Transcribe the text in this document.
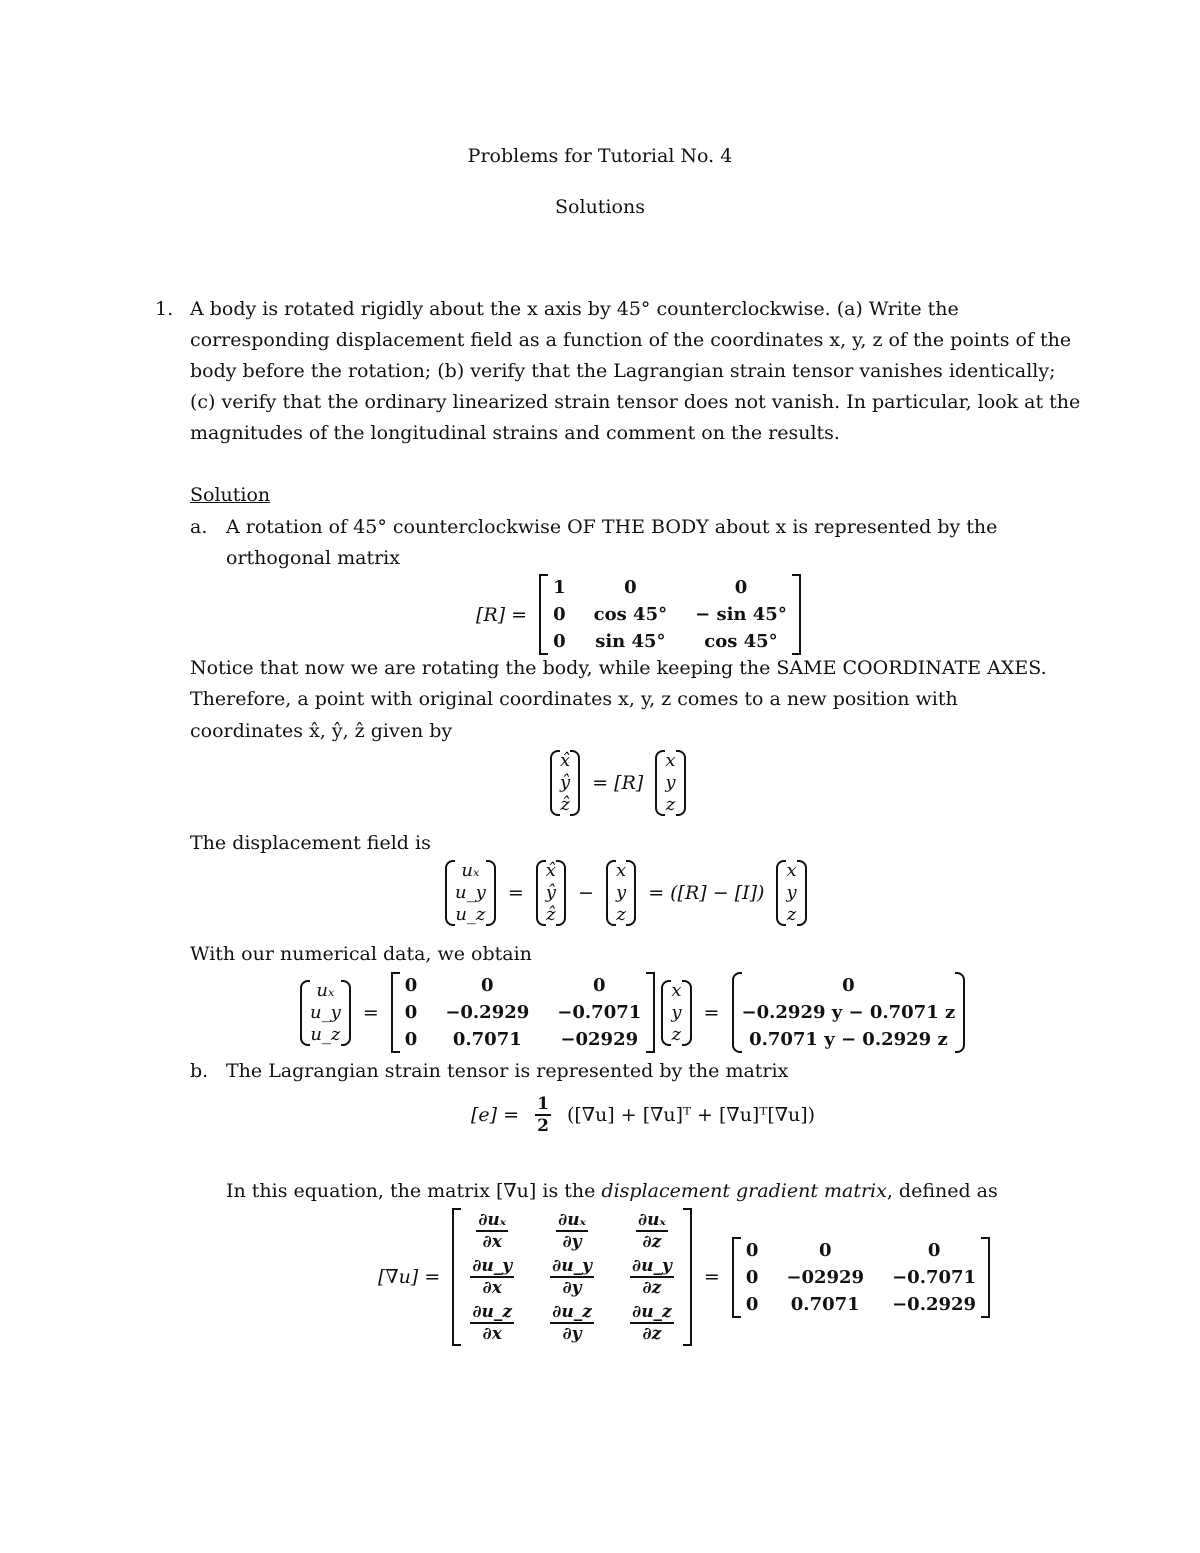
Problems for Tutorial No. 4
Solutions
1. A body is rotated rigidly about the x axis by 45° counterclockwise. (a) Write the
corresponding displacement field as a function of the coordinates x, y, z of the points of the
body before the rotation; (b) verify that the Lagrangian strain tensor vanishes identically;
(c) verify that the ordinary linearized strain tensor does not vanish. In particular, look at the
magnitudes of the longitudinal strains and comment on the results.
Solution
a. A rotation of 45° counterclockwise OF THE BODY about x is represented by the
orthogonal matrix
[R] =
1	0	0
0	cos 45°	− sin 45°
0	sin 45°	cos 45°
Notice that now we are rotating the body, while keeping the SAME COORDINATE AXES.
Therefore, a point with original coordinates x, y, z comes to a new position with
coordinates x̂, ŷ, ẑ given by
x̂
ŷ
ẑ
= [R]
x
y
z
The displacement field is
uₓ
u_y
u_z
=
x̂
ŷ
ẑ
−
x
y
z
= ([R] − [I])
x
y
z
With our numerical data, we obtain
uₓ
u_y
u_z
=
0	0	0
0	−0.2929	−0.7071
0	0.7071	−02929

x
y
z
=
0
−0.2929 y − 0.7071 z
0.7071 y − 0.2929 z
b. The Lagrangian strain tensor is represented by the matrix
$[e] = \frac{1}{2} ([\nabla u]$ + [∇u]ᵀ + [∇u]ᵀ[∇u])
In this equation, the matrix [∇u] is the displacement gradient matrix, defined as
[∇u] =
$\frac{\text{∂uₓ}}{\partial x}$	$\frac{\text{∂uₓ}}{\partial y}$	$\frac{\text{∂uₓ}}{\partial z}$

$\frac{\partial u\_y}{\partial x}$	$\frac{\partial u\_y}{\partial y}$	$\frac{\partial u\_y}{\partial z}$

$\frac{\partial u\_z}{\partial x}$	$\frac{\partial u\_z}{\partial y}$	$\frac{\partial u\_z}{\partial z}$
=
0	0	0
0	−02929	−0.7071
0	0.7071	−0.2929
